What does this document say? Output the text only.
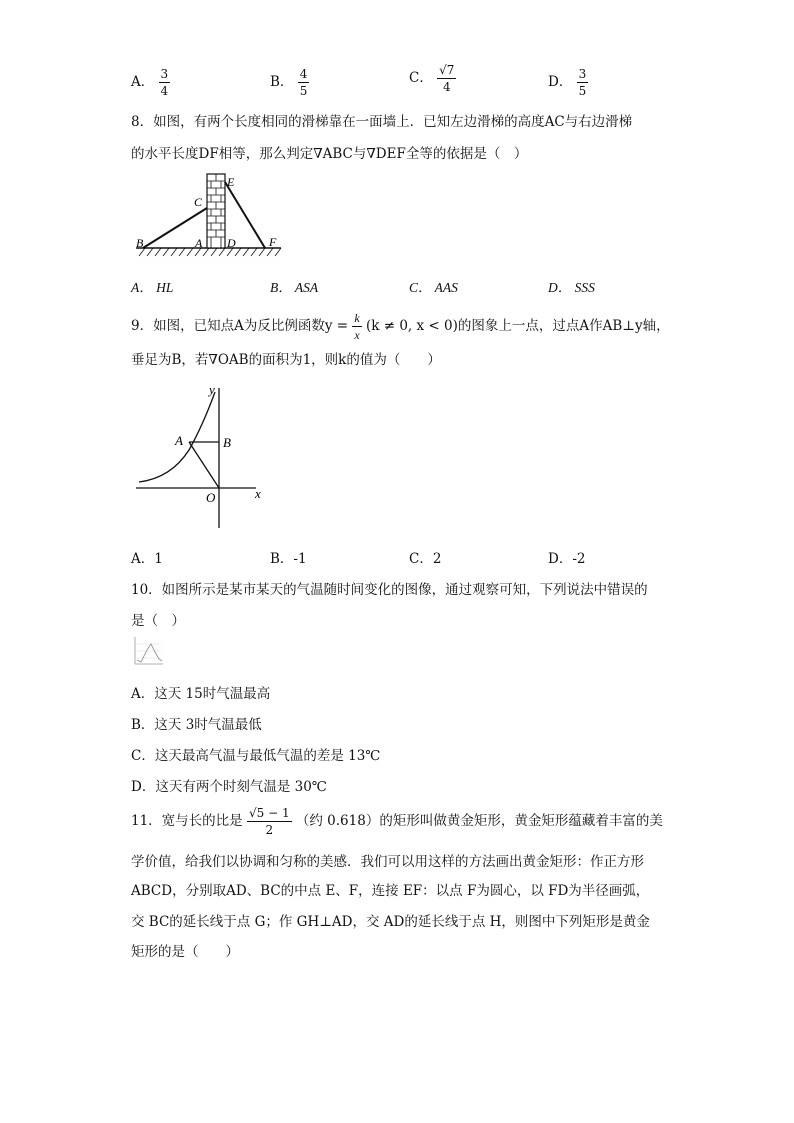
A． $\frac{3}{4}$	B． $\frac{4}{5}$	C． $\frac{√7}{4}$	D． $\frac{3}{5}$
8．如图，有两个长度相同的滑梯靠在一面墙上．已知左边滑梯的高度AC与右边滑梯
的水平长度DF相等，那么判定∇ABC与∇DEF全等的依据是（　）
B	A
C
D
E
F
A． HL	B． ASA	C． AAS	D． SSS
9．如图，已知点A为反比例函数$y = \frac{k}{x} (k \ne 0$, x < 0)的图象上一点，过点A作AB⊥y轴，
垂足为B，若∇OAB的面积为1，则k的值为（　　）
y
x
A	B
O
A．1	B．-1	C．2	D．-2
10．如图所示是某市某天的气温随时间变化的图像，通过观察可知，下列说法中错误的
是（　）
A．这天 15时气温最高
B．这天 3时气温最低
C．这天最高气温与最低气温的差是 13℃
D．这天有两个时刻气温是 30℃
11．宽与长的比是 $\frac{√5 - 1}{2}$ （约 0.618）的矩形叫做黄金矩形，黄金矩形蕴藏着丰富的美
学价值，给我们以协调和匀称的美感．我们可以用这样的方法画出黄金矩形：作正方形
ABCD，分别取AD、BC的中点 E、F，连接 EF：以点 F为圆心，以 FD为半径画弧，
交 BC的延长线于点 G；作 GH⊥AD，交 AD的延长线于点 H，则图中下列矩形是黄金
矩形的是（　　）
